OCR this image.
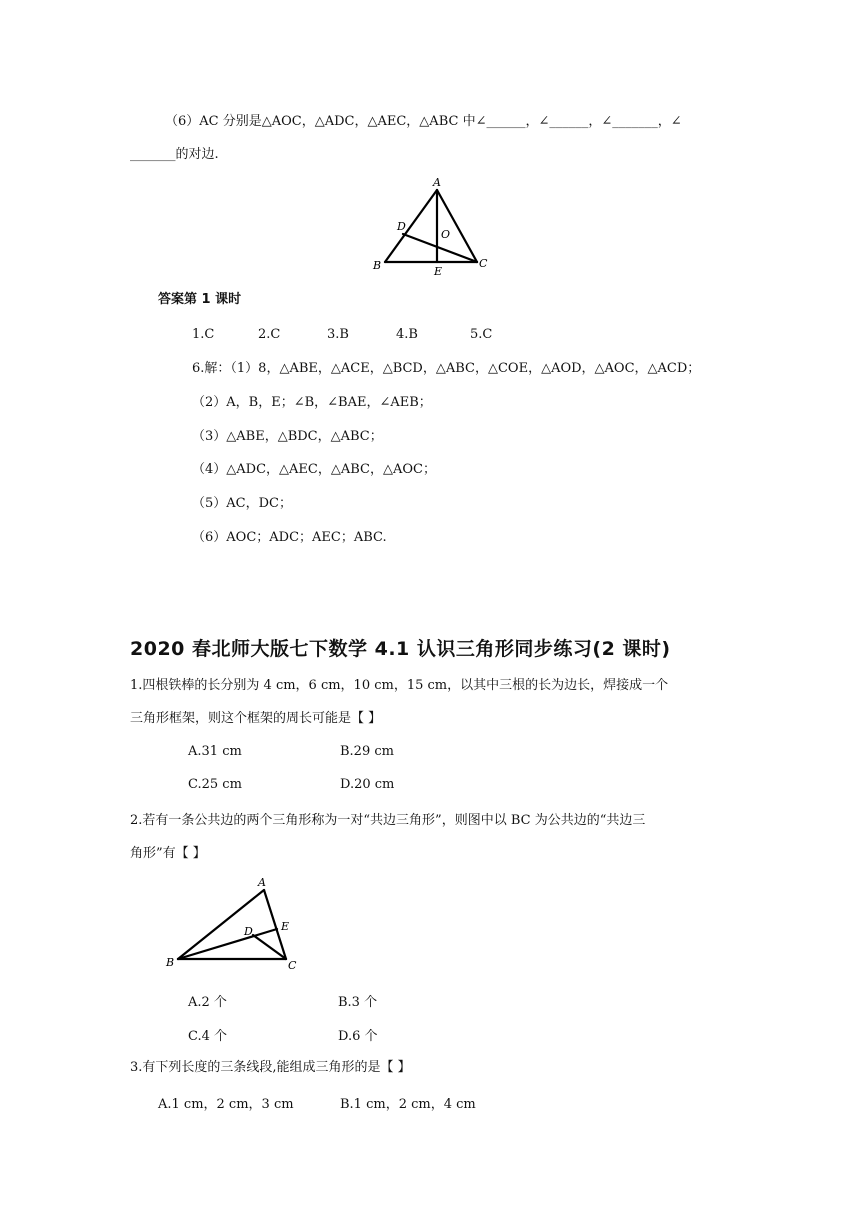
（6）AC 分别是△AOC，△ADC，△AEC，△ABC 中∠______，∠______，∠_______，∠
_______的对边.
A
B	C
D
E
O
答案第 1 课时
1.C	2.C	3.B	4.B	5.C
6.解：（1）8，△ABE，△ACE，△BCD，△ABC，△COE，△AOD，△AOC，△ACD；
（2）A，B，E；∠B，∠BAE，∠AEB；
（3）△ABE，△BDC，△ABC；
（4）△ADC，△AEC，△ABC，△AOC；
（5）AC，DC；
（6）AOC；ADC；AEC；ABC.
2020 春北师大版七下数学 4.1 认识三角形同步练习(2 课时)
1.四根铁棒的长分别为 4 cm，6 cm，10 cm，15 cm，以其中三根的长为边长，焊接成一个
三角形框架，则这个框架的周长可能是【 】
A.31 cm	B.29 cm
C.25 cm	D.20 cm
2.若有一条公共边的两个三角形称为一对“共边三角形”，则图中以 BC 为公共边的“共边三
角形”有【 】
A
B	C
D	E
A.2 个	B.3 个
C.4 个	D.6 个
3.有下列长度的三条线段,能组成三角形的是【 】
A.1 cm，2 cm，3 cm	B.1 cm，2 cm，4 cm
